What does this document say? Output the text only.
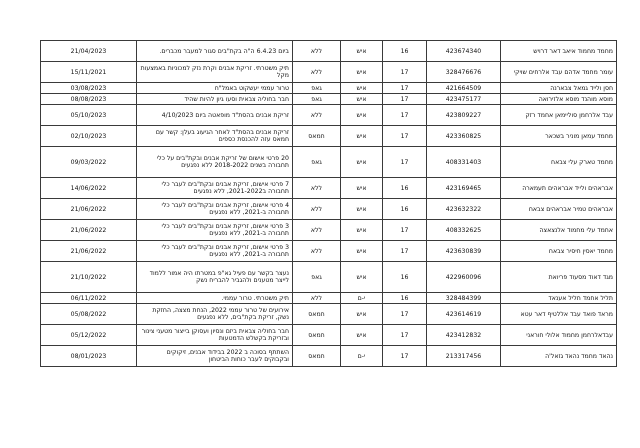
מחמד מחמוד איאב דאר דרויש	423674340	16	איש	ללא	ביום 6.4.23 ה"ה בקת"בים סגור למעבר מכברים.	21/04/2023
עומר מחמד אדהם עבד אלרחים שויקי	328476676	17	איש	ללא	תיק משטרתי. זריקת אבנים וקרת נזק למכוניות באמצעות מקל	15/11/2021
חסן ולייד גמאל צבארנה	421664509	17	איש	גאפ	טרור עממי יעשקוט באמל"ח	03/08/2023
מוסא מוהנד מוסא אלזירואה	423475177	17	איש	גאפ	חבר בחוליה צבאית וסעו גיון להיות שהיד	08/08/2023
עבד אלרחמן סוליימאן אחמד רזק	423809227	17	איש	ללא	זריקת אבנים בהסת"ד מופאטה ביום 4/10/2023	05/10/2023
מחמד עמאן מוניר בשכאר	423360825	17	איש	חמאס	זריקת אבנים בהסת"ד לאחר הגיעוג בעלן: קשר עם חמאס עזה להכנסת כספים	02/10/2023
מחמד טארק עלי צבאח	408331403	17	איש	גאפ	20 פרטי אישום של זריקת אבנים ובקת"בים על כלי תחבורה בשנים 2018-2022 ללא נפגעים	09/03/2022
אבראהים ולייד אבראהים תעמארה	423169465	16	איש	ללא	7 פרטי אישום, זריקת אבנים ובקת"בים לעבר כלי תחבורה ב2021-2022, ללא נפגעים	14/06/2022
אבראהים טמיר אבראהים צבאח	423632322	16	איש	ללא	4 פרטי אישום, זריקת אבנים ובקת"בים לעבר כלי תחבורה ב-2021, ללא נפגעים	21/06/2022
אחמד עלי מחמוד אלנצאצה	408332625	17	איש	ללא	3 פרטי אישום, זריקת אבנים ובקת"בים לעבר כלי תחבורה ב-2021, ללא נפגעים	21/06/2022
מחמד יאסין חיסיר צבאח	423630839	17	איש	ללא	3 פרטי אישום, זריקת אבנים ובקת"בים לעבר כלי תחבורה ב-2021, ללא נפגעים	21/06/2022
מגד דאוד מסעוד פריואת	422960096	16	איש	גאפ	נעצר בקשר עם פעיל גא"פ במטרתו היה אמור ללמוד לייצר מטענים ולהגביר להבריח נשק	21/10/2022
תליל אחמד חליל אענאד	328484399	16	י-ם	ללא	תיק משטרתי. טרור עממי.	06/11/2022
מראד פואד עבד אללטיף דאר עטא	423614619	17	איש	חמאס	אירועים של טרור עממי 2022, הנחת מצצה, החזקת נשק, זריקת בקת"בים, ללא נפגעים	05/08/2022
עבדאלרחמן מחמוד אלולי חוראני	423412832	17	איש	חמאס	חבר בחוליה צבאית ביזם ונסיון ועסוקן בייצור מטעני צינור ובזריקת בקשלש הדמטעות	05/12/2022
נהאד מחמד נהאד גזאל'ה	213317456	17	י-ם	חמאס	השתתף בסוכה ב 2022 בבידוד אבנים, זיקוקים ובקבוקים לעבר כוחות הביטחון	08/01/2023
